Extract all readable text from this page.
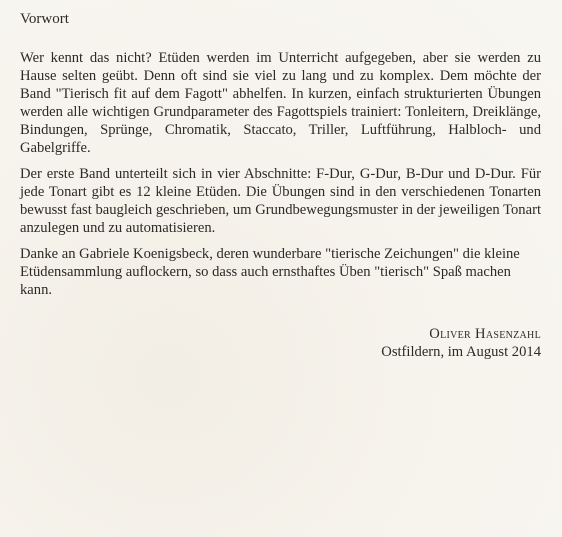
Vorwort

Wer kennt das nicht? Etüden werden im Unterricht aufgegeben, aber sie werden zu Hause selten geübt. Denn oft sind sie viel zu lang und zu komplex. Dem möchte der Band "Tierisch fit auf dem Fagott" abhelfen. In kurzen, einfach strukturierten Übungen werden alle wichtigen Grundparameter des Fagottspiels trainiert: Tonleitern, Dreiklänge, Bindungen, Sprünge, Chromatik, Staccato, Triller, Luftführung, Halbloch- und Gabelgriffe.

Der erste Band unterteilt sich in vier Abschnitte: F-Dur, G-Dur, B-Dur und D-Dur. Für jede Tonart gibt es 12 kleine Etüden. Die Übungen sind in den verschiedenen Tonarten bewusst fast baugleich geschrieben, um Grundbewegungsmuster in der jeweiligen Tonart anzulegen und zu automatisieren.

Danke an Gabriele Koenigsbeck, deren wunderbare "tierische Zeichungen" die kleine Etüdensammlung auflockern, so dass auch ernsthaftes Üben "tierisch" Spaß machen kann.

Oliver Hasenzahl
Ostfildern, im August 2014
